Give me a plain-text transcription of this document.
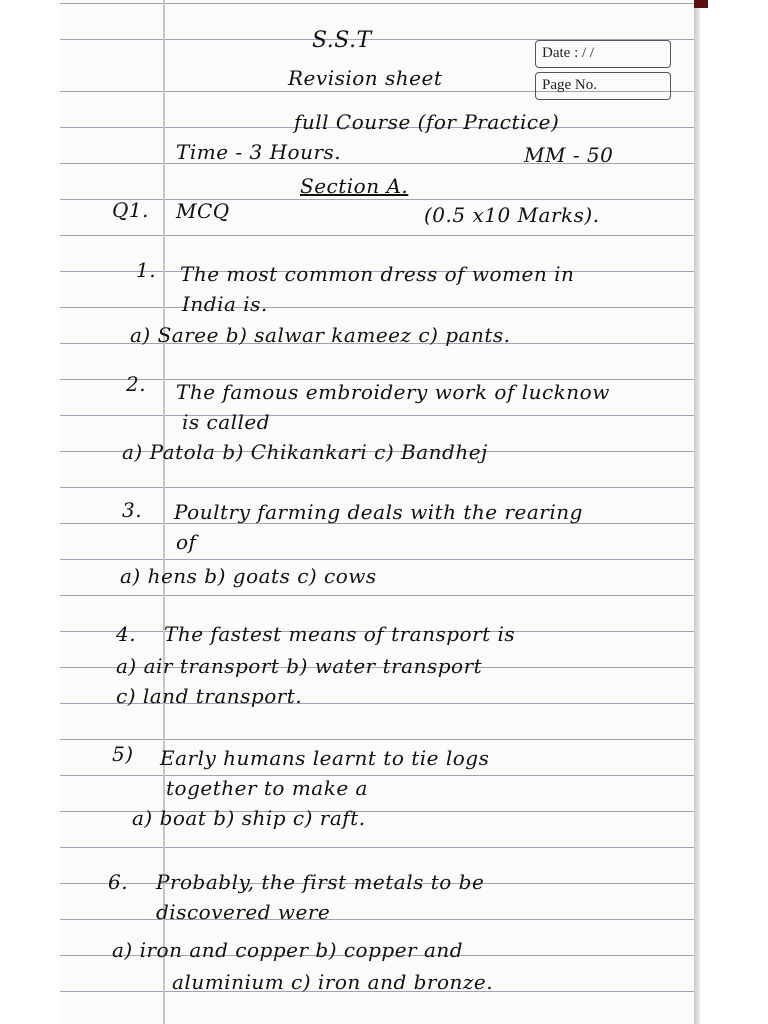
S.S.T
Revision sheet
Date : / /
Page No.
full Course (for Practice)
Time - 3 Hours.	MM - 50
Section A.
Q1. MCQ	(0.5 x10 Marks).
1. The most common dress of women in
India is.
a) Saree b) salwar kameez c) pants.
2. The famous embroidery work of lucknow
is called
a) Patola b) Chikankari c) Bandhej
3. Poultry farming deals with the rearing
of
a) hens b) goats c) cows
4. The fastest means of transport is
a) air transport b) water transport
c) land transport.
5) Early humans learnt to tie logs
together to make a
a) boat b) ship c) raft.
6. Probably, the first metals to be
discovered were
a) iron and copper b) copper and
aluminium c) iron and bronze.
